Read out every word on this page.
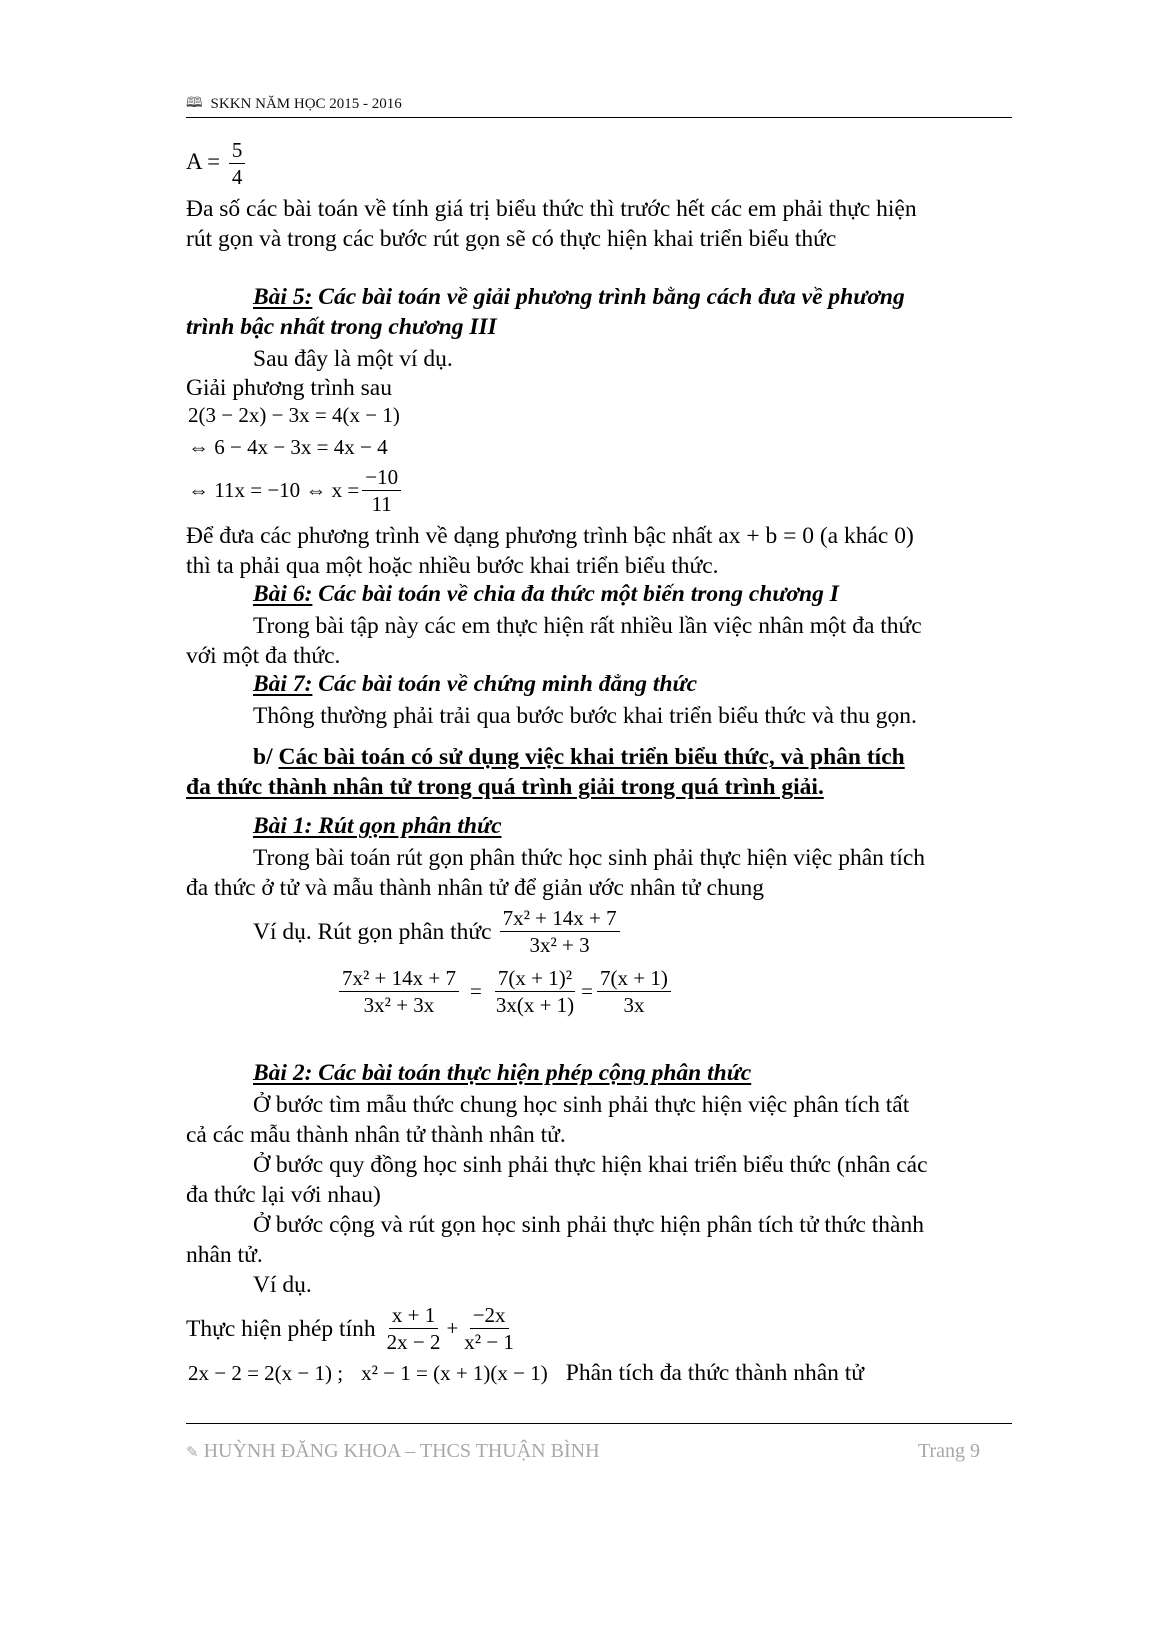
🕮 SKKN NĂM HỌC 2015 - 2016
$A = \frac{5}{4}$
Đa số các bài toán về tính giá trị biểu thức thì trước hết các em phải thực hiện
rút gọn và trong các bước rút gọn sẽ có thực hiện khai triển biểu thức
Bài 5: Các bài toán về giải phương trình bằng cách đưa về phương
trình bậc nhất trong chương III
Sau đây là một ví dụ.
Giải phương trình sau
2(3 − 2x) − 3x = 4(x − 1)
⇔ 6 − 4x − 3x = 4x − 4
⇔ 11x = −10 ⇔ $x = \frac{-10}{11}$
Để đưa các phương trình về dạng phương trình bậc nhất ax + b = 0 (a khác 0)
thì ta phải qua một hoặc nhiều bước khai triển biểu thức.
Bài 6: Các bài toán về chia đa thức một biến trong chương I
Trong bài tập này các em thực hiện rất nhiều lần việc nhân một đa thức
với một đa thức.
Bài 7: Các bài toán về chứng minh đẳng thức
Thông thường phải trải qua bước bước khai triển biểu thức và thu gọn.
b/ Các bài toán có sử dụng việc khai triển biểu thức, và phân tích
đa thức thành nhân tử trong quá trình giải trong quá trình giải.
Bài 1: Rút gọn phân thức
Trong bài toán rút gọn phân thức học sinh phải thực hiện việc phân tích
đa thức ở tử và mẫu thành nhân tử để giản ước nhân tử chung
Ví dụ. Rút gọn phân thức $\frac{\text{7x² + 14x + 7}}{\text{3x² + 3}}$
$\frac{\text{7x² + 14x + 7}}{\text{3x² + 3x}} = \frac{\text{7(x + 1)²}}{3x(x + 1)} = \frac{7(x + 1)}{3x}$
Bài 2: Các bài toán thực hiện phép cộng phân thức
Ở bước tìm mẫu thức chung học sinh phải thực hiện việc phân tích tất
cả các mẫu thành nhân tử thành nhân tử.
Ở bước quy đồng học sinh phải thực hiện khai triển biểu thức (nhân các
đa thức lại với nhau)
Ở bước cộng và rút gọn học sinh phải thực hiện phân tích tử thức thành
nhân tử.
Ví dụ.
Thực hiện phép tính $\frac{x + 1}{2x - 2} + \frac{-2x}{\text{x² − 1}}$
2x − 2 = 2(x − 1) ; x² − 1 = (x + 1)(x − 1) Phân tích đa thức thành nhân tử
✎ HUỲNH ĐĂNG KHOA – THCS THUẬN BÌNH	Trang 9
